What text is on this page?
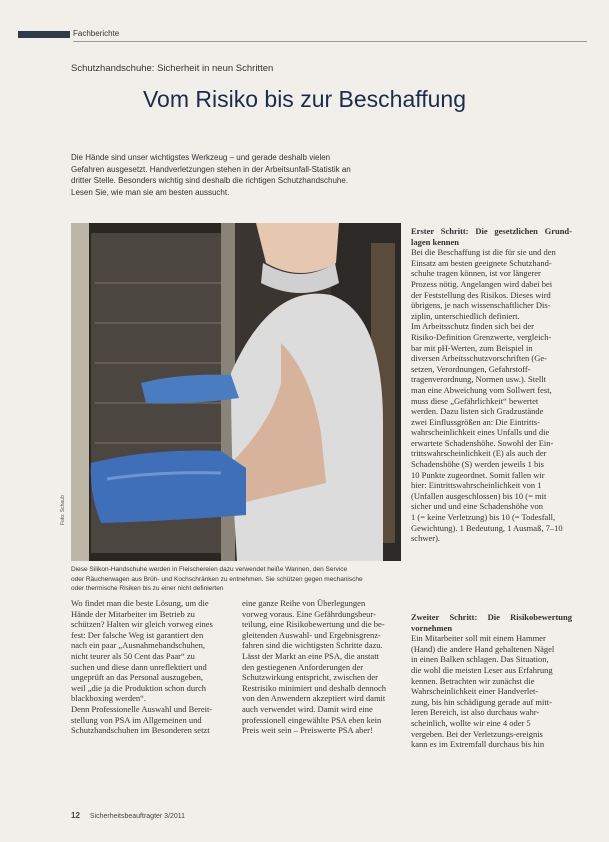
Fachberichte
Schutzhandschuhe: Sicherheit in neun Schritten
Vom Risiko bis zur Beschaffung

Die Hände sind unser wichtigstes Werkzeug – und gerade deshalb vielen

Gefahren ausgesetzt. Handverletzungen stehen in der Arbeitsunfall-Statistik an

dritter Stelle. Besonders wichtig sind deshalb die richtigen Schutzhandschuhe.

Lesen Sie, wie man sie am besten aussucht.

Foto: Schaub

Diese Silikon-Handschuhe werden in Fleischereien dazu verwendet heiße Wannen, den Service

oder Räucherwagen aus Brüh- und Kochschränken zu entnehmen. Sie schützen gegen mechanische

oder thermische Risiken bis zu einer nicht definierten

Wo findet man die beste Lösung, um die

Hände der Mitarbeiter im Betrieb zu

schützen? Halten wir gleich vorweg eines

fest: Der falsche Weg ist garantiert den

nach ein paar „Ausnahmehandschuhen,

nicht teurer als 50 Cent das Paar“ zu

suchen und diese dann unreflektiert und

ungeprüft an das Personal auszugeben,

weil „die ja die Produktion schon durch

blackboxing werden“.

Denn Professionelle Auswahl und Bereit-

stellung von PSA im Allgemeinen und

Schutzhandschuhen im Besonderen setzt

eine ganze Reihe von Überlegungen

vorweg voraus. Eine Gefährdungsbeur-

teilung, eine Risikobewertung und die be-

gleitenden Auswahl- und Ergebnisgrenz-

fahren sind die wichtigsten Schritte dazu.

Lässt der Markt an eine PSA, die anstatt

den gestiegenen Anforderungen der

Schutzwirkung entspricht, zwischen der

Restrisiko minimiert und deshalb dennoch

von den Anwendern akzeptiert wird damit

auch verwendet wird. Damit wird eine

professionell eingewählte PSA eben kein

Preis weit sein – Preiswerte PSA aber!

Erster Schritt: Die gesetzlichen Grund-lagen kennen

Bei die Beschaffung ist die für sie und den

Einsatz am besten geeignete Schutzhand-

schuhe tragen können, ist vor längerer

Prozess nötig. Angelangen wird dabei bei

der Feststellung des Risikos. Dieses wird

übrigens, je nach wissenschaftlicher Dis-

ziplin, unterschiedlich definiert.

Im Arbeitsschutz finden sich bei der

Risiko-Definition Grenzwerte, vergleich-

bar mit pH-Werten, zum Beispiel in

diversen Arbeitsschutzvorschriften (Ge-

setzen, Verordnungen, Gefahrstoff-

tragenverordnung, Normen usw.). Stellt

man eine Abweichung vom Sollwert fest,

muss diese „Gefährlichkeit“ bewertet

werden. Dazu listen sich Gradzustände

zwei Einflussgrößen an: Die Eintritts-

wahrscheinlichkeit eines Unfalls und die

erwartete Schadenshöhe. Sowohl der Ein-

trittswahrscheinlichkeit (E) als auch der

Schadenshöhe (S) werden jeweils 1 bis

10 Punkte zugeordnet. Somit fallen wir

hier: Eintrittswahrscheinlichkeit von 1

(Unfallen ausgeschlossen) bis 10 (= mit

sicher und und eine Schadenshöhe von

1 (= keine Verletzung) bis 10 (= Todesfall,

Gewichtung). 1 Bedeutung, 1 Ausmaß, 7–10

schwer).

Zweiter Schritt: Die Risikobewertung vornehmen

Ein Mitarbeiter soll mit einem Hammer

(Hand) die andere Hand gehaltenen Nägel

in einen Balken schlagen. Das Situation,

die wohl die meisten Leser aus Erfahrung

kennen. Betrachten wir zunächst die

Wahrscheinlichkeit einer Handverlet-

zung, bis hin schädigung gerade auf mitt-

leren Bereich, ist also durchaus wahr-

scheinlich, wollte wir eine 4 oder 5

vergeben. Bei der Verletzungs-ereignis

kann es im Extremfall durchaus bis hin

12 Sicherheitsbeauftragter 3/2011
